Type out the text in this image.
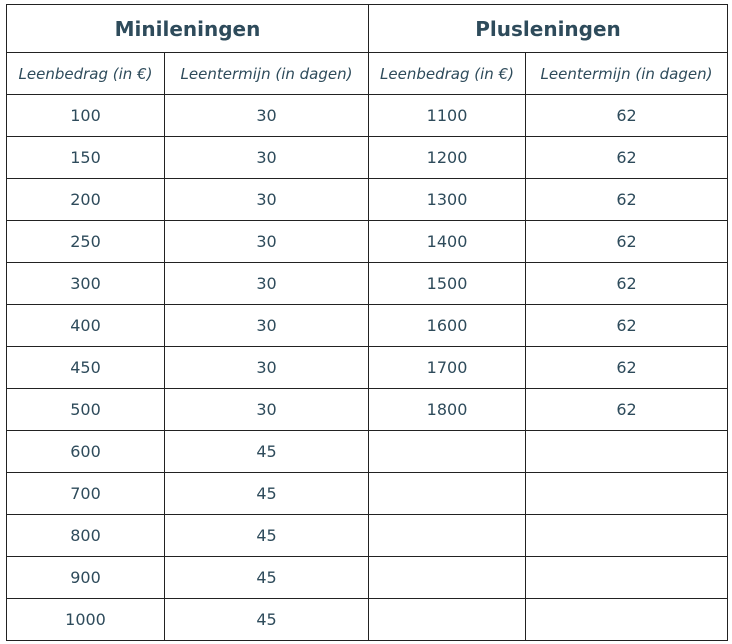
Minileningen		Plusleningen	
Leenbedrag (in €)	Leentermijn (in dagen)	Leenbedrag (in €)	Leentermijn (in dagen)
100	30	1100	62
150	30	1200	62
200	30	1300	62
250	30	1400	62
300	30	1500	62
400	30	1600	62
450	30	1700	62
500	30	1800	62
600	45		
700	45		
800	45		
900	45		
1000	45		
